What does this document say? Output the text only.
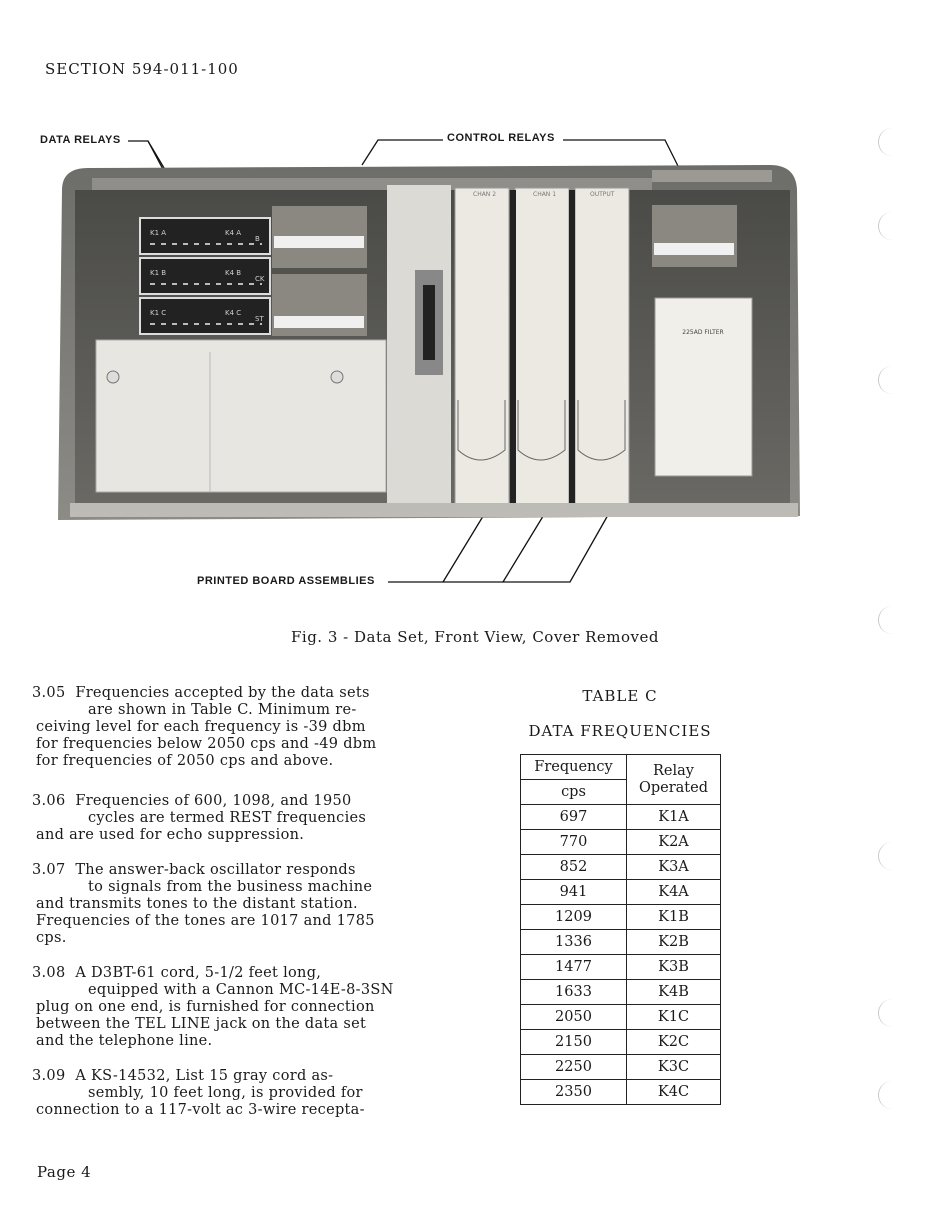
SECTION 594-011-100
DATA RELAYS	CONTROL RELAYS
PRINTED BOARD ASSEMBLIES
K1 A	K4 A
K1 B	K4 B
K1 C	K4 C
B
CK
ST
CHAN 2	CHAN 1	OUTPUT
225AD FILTER
Fig. 3 - Data Set, Front View, Cover Removed
3.05 Frequencies accepted by the data sets
are shown in Table C. Minimum re-
ceiving level for each frequency is -39 dbm
for frequencies below 2050 cps and -49 dbm
for frequencies of 2050 cps and above.
3.06 Frequencies of 600, 1098, and 1950
cycles are termed REST frequencies
and are used for echo suppression.
3.07 The answer-back oscillator responds
to signals from the business machine
and transmits tones to the distant station.
Frequencies of the tones are 1017 and 1785
cps.
3.08 A D3BT-61 cord, 5-1/2 feet long,
equipped with a Cannon MC-14E-8-3SN
plug on one end, is furnished for connection
between the TEL LINE jack on the data set
and the telephone line.
3.09 A KS-14532, List 15 gray cord as-
sembly, 10 feet long, is provided for
connection to a 117-volt ac 3-wire recepta-
TABLE C
DATA FREQUENCIES
Frequency	Relay Operated
cps	
697	K1A
770	K2A
852	K3A
941	K4A
1209	K1B
1336	K2B
1477	K3B
1633	K4B
2050	K1C
2150	K2C
2250	K3C
2350	K4C
Page 4
